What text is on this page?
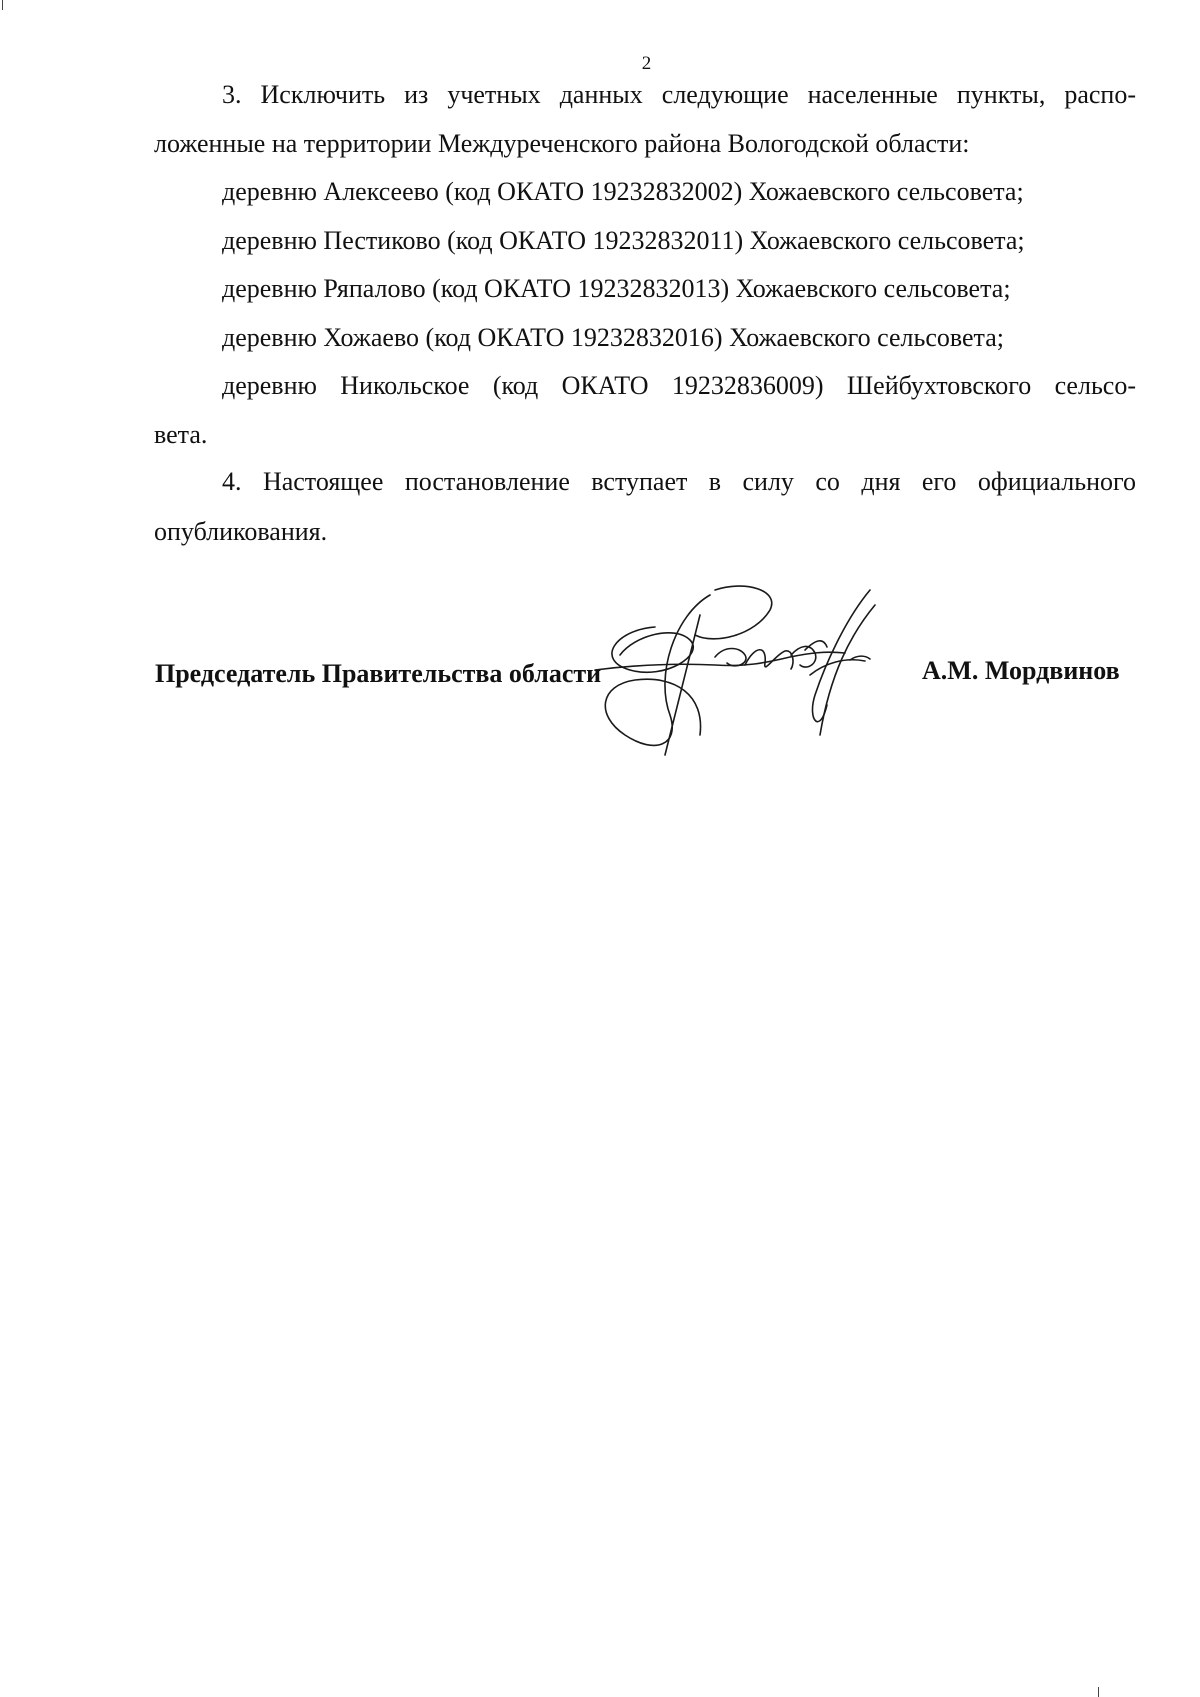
2
3. Исключить из учетных данных следующие населенные пункты, распо-
ложенные на территории Междуреченского района Вологодской области:
деревню Алексеево (код ОКАТО 19232832002) Хожаевского сельсовета;
деревню Пестиково (код ОКАТО 19232832011) Хожаевского сельсовета;
деревню Ряпалово (код ОКАТО 19232832013) Хожаевского сельсовета;
деревню Хожаево (код ОКАТО 19232832016) Хожаевского сельсовета;
деревню Никольское (код ОКАТО 19232836009) Шейбухтовского сельсо-
вета.
4. Настоящее постановление вступает в силу со дня его официального
опубликования.
Председатель Правительства области	А.М. Мордвинов
